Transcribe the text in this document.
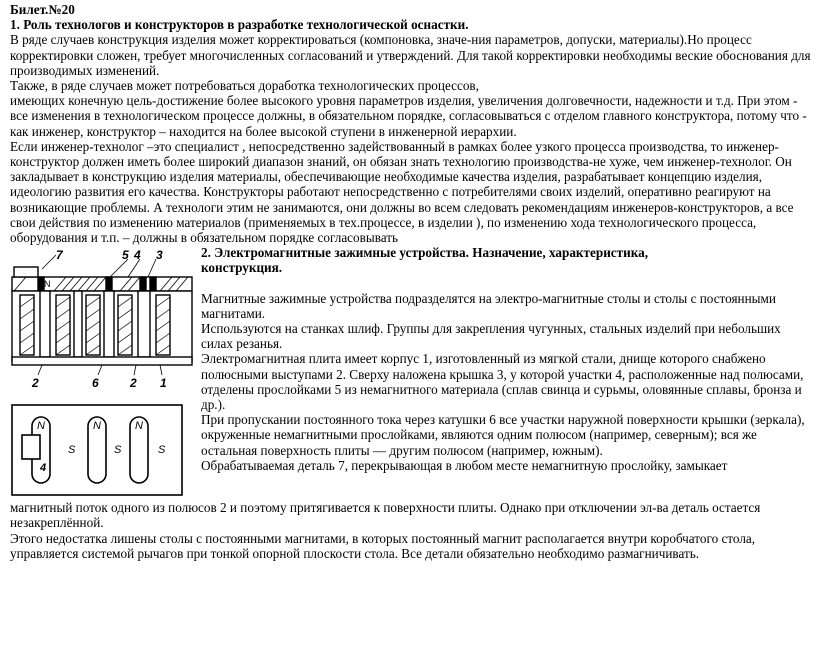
Билет.№20
1. Роль технологов и конструкторов в разработке технологической оснастки.

В ряде случаев конструкция изделия может корректироваться (компоновка, значе-ния параметров, допуски, материалы).Но процесс корректировки сложен, требует многочисленных согласований и утверждений. Для такой корректировки необходимы веские обоснования для производимых изменений.

Также, в ряде случаев может потребоваться доработка технологических процессов,

имеющих конечную цель-достижение более высокого уровня параметров изделия, увеличения долговечности, надежности и т.д. При этом - все изменения в технологическом процессе должны, в обязательном порядке, согласовываться с отделом главного конструктора, потому что - как инженер, конструктор – находится на более высокой ступени в инженерной иерархии.

Если инженер-технолог –это специалист , непосредственно задействованный в рамках более узкого процесса производства, то инженер-конструктор должен иметь более широкий диапазон знаний, он обязан знать технологию производства-не хуже, чем инженер-технолог. Он закладывает в конструкцию изделия материалы, обеспечивающие необходимые качества изделия, разрабатывает концепцию изделия, идеологию развития его качества. Конструкторы работают непосредственно с потребителями своих изделий, оперативно реагируют на возникающие проблемы. А технологи этим не занимаются, они должны во всем следовать рекомендациям инженеров-конструкторов, а все свои действия по изменению материалов (применяемых в тех.процессе, в изделии ), по изменению хода технологического процесса, оборудования и т.п. – должны в обязательном порядке согласовывать

N
7	5 4 3
2	6	2 1
N
S
N
S
N
S
4
2. Электромагнитные зажимные устройства. Назначение, характеристика,
конструкция.

Магнитные зажимные устройства подразделятся на электро-магнитные столы и столы с постоянными магнитами.

Используются на станках шлиф. Группы для закрепления чугунных, стальных изделий при небольших силах резанья.

Электромагнитная плита имеет корпус 1, изготовленный из мягкой стали, днище которого снабжено полюсными выступами 2. Сверху наложена крышка 3, у которой участки 4, расположенные над полюсами, отделены прослойками 5 из немагнитного материала (сплав свинца и сурьмы, оловянные сплавы, бронза и др.).

При пропускании постоянного тока через катушки 6 все участки наружной поверхности крышки (зеркала), окруженные немагнитными прослойками, являются одним полюсом (например, северным); вся же остальная поверхность плиты — другим полюсом (например, южным).

Обрабатываемая деталь 7, перекрывающая в любом месте немагнитную прослойку, замыкает

магнитный поток одного из полюсов 2 и поэтому притягивается к поверхности плиты. Однако при отключении эл-ва деталь остается незакреплённой.

Этого недостатка лишены столы с постоянными магнитами, в которых постоянный магнит располагается внутри коробчатого стола, управляется системой рычагов при тонкой опорной плоскости стола. Все детали обязательно необходимо размагничивать.
